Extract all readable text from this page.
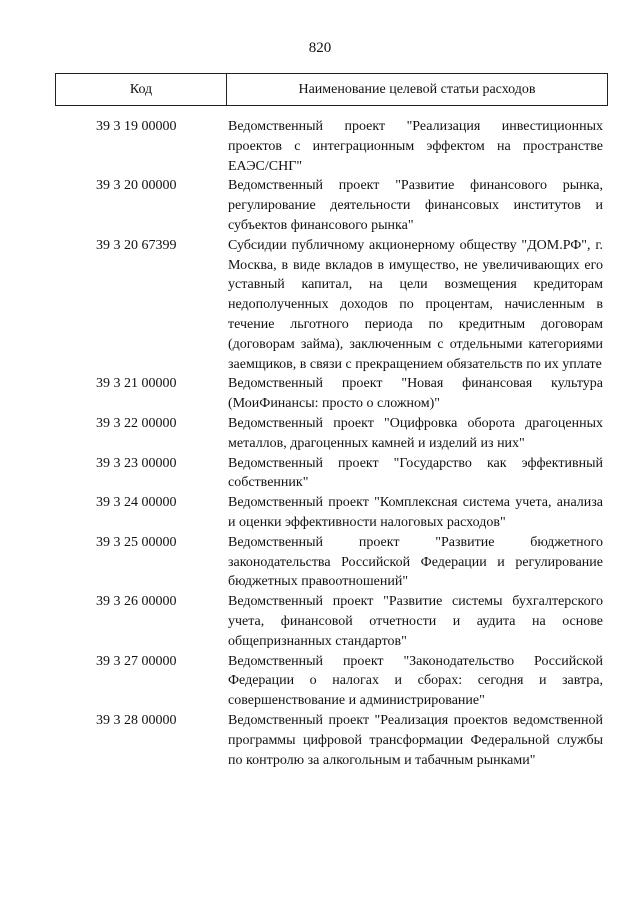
820
Код	Наименование целевой статьи расходов
39 3 19 00000	Ведомственный проект "Реализация инвестиционных проектов с интеграционным эффектом на пространстве ЕАЭС/СНГ"
39 3 20 00000	Ведомственный проект "Развитие финансового рынка, регулирование деятельности финансовых институтов и субъектов финансового рынка"
39 3 20 67399	Субсидии публичному акционерному обществу "ДОМ.РФ", г. Москва, в виде вкладов в имущество, не увеличивающих его уставный капитал, на цели возмещения кредиторам недополученных доходов по процентам, начисленным в течение льготного периода по кредитным договорам (договорам займа), заключенным с отдельными категориями заемщиков, в связи с прекращением обязательств по их уплате
39 3 21 00000	Ведомственный проект "Новая финансовая культура (МоиФинансы: просто о сложном)"
39 3 22 00000	Ведомственный проект "Оцифровка оборота драгоценных металлов, драгоценных камней и изделий из них"
39 3 23 00000	Ведомственный проект "Государство как эффективный собственник"
39 3 24 00000	Ведомственный проект "Комплексная система учета, анализа и оценки эффективности налоговых расходов"
39 3 25 00000	Ведомственный проект "Развитие бюджетного законодательства Российской Федерации и регулирование бюджетных правоотношений"
39 3 26 00000	Ведомственный проект "Развитие системы бухгалтерского учета, финансовой отчетности и аудита на основе общепризнанных стандартов"
39 3 27 00000	Ведомственный проект "Законодательство Российской Федерации о налогах и сборах: сегодня и завтра, совершенствование и администрирование"
39 3 28 00000	Ведомственный проект "Реализация проектов ведомственной программы цифровой трансформации Федеральной службы по контролю за алкогольным и табачным рынками"
